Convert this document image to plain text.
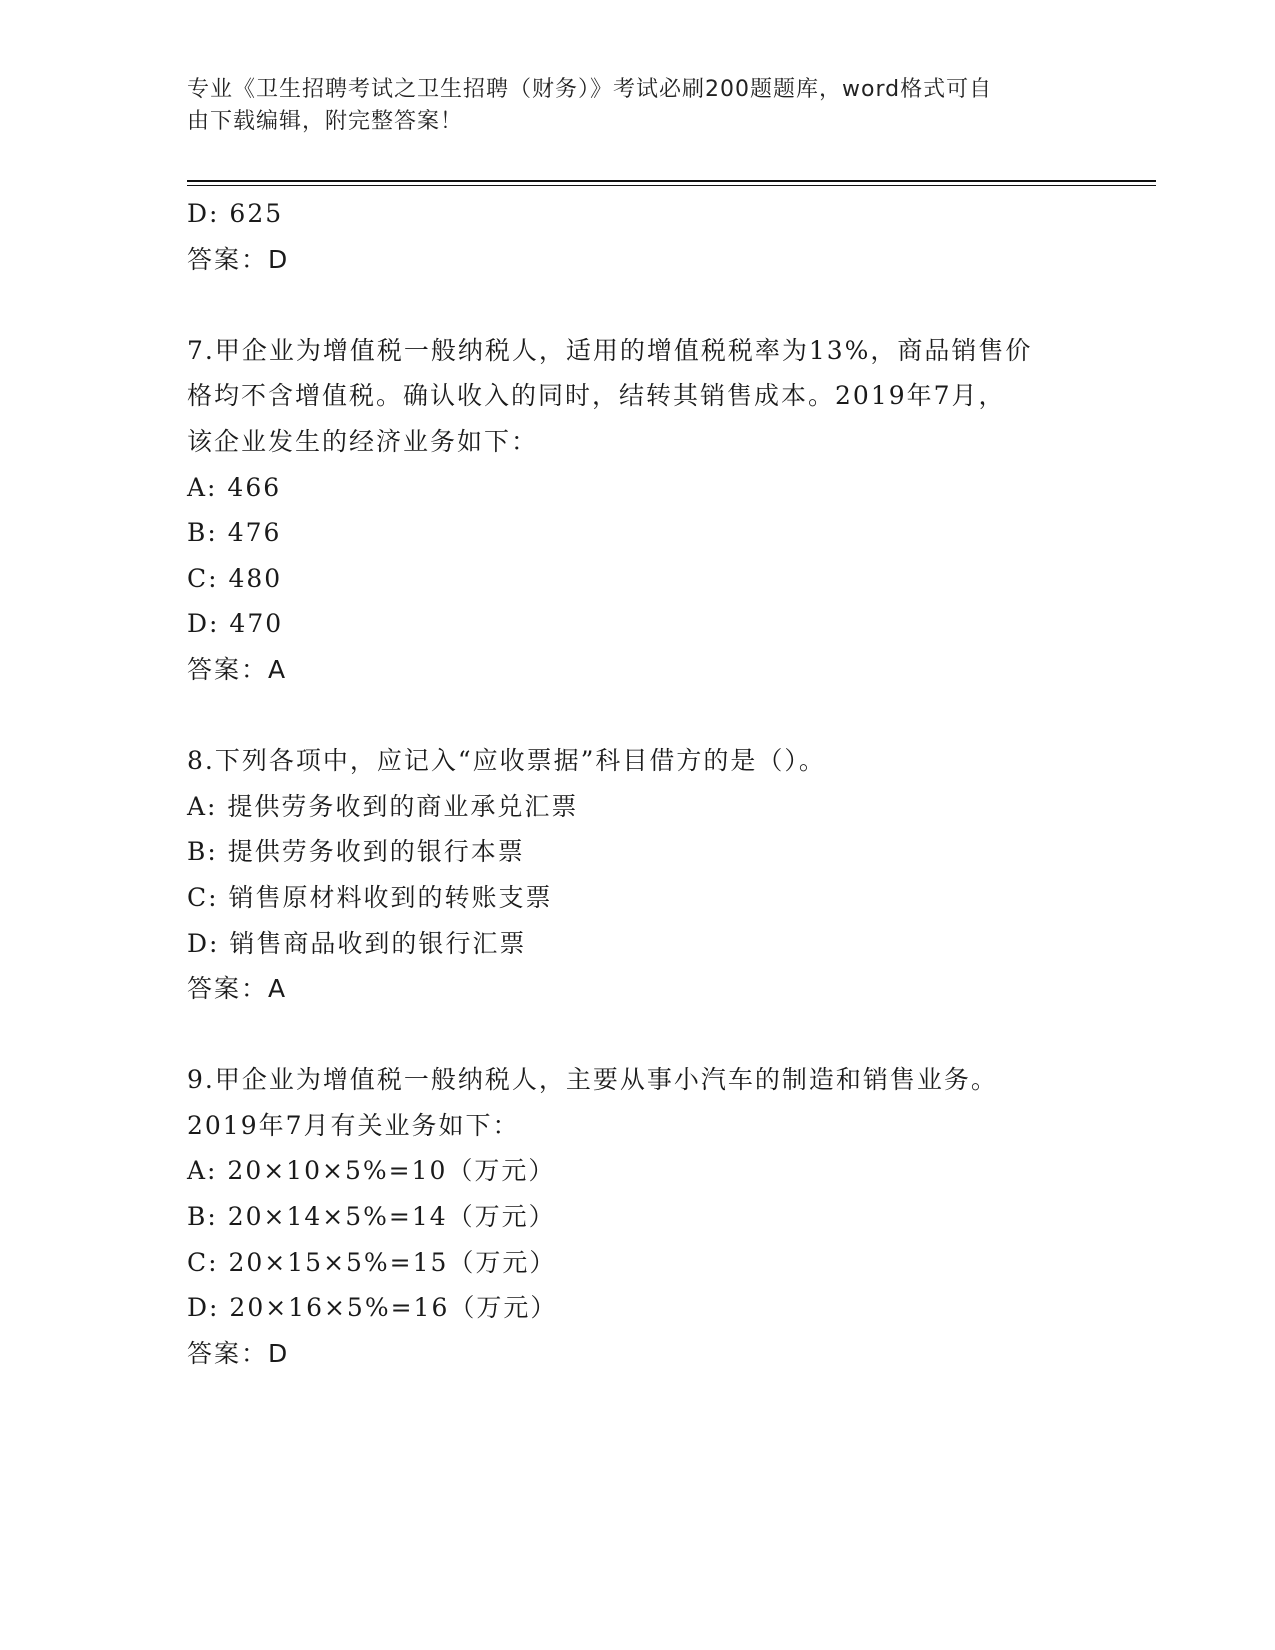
专业《卫生招聘考试之卫生招聘（财务）》考试必刷200题题库，word格式可自
由下载编辑，附完整答案！
D: 625
答案：D
7.甲企业为增值税一般纳税人，适用的增值税税率为13%，商品销售价
格均不含增值税。确认收入的同时，结转其销售成本。2019年7月，
该企业发生的经济业务如下：
A: 466
B: 476
C: 480
D: 470
答案：A
8.下列各项中，应记入“应收票据”科目借方的是（）。
A: 提供劳务收到的商业承兑汇票
B: 提供劳务收到的银行本票
C: 销售原材料收到的转账支票
D: 销售商品收到的银行汇票
答案：A
9.甲企业为增值税一般纳税人，主要从事小汽车的制造和销售业务。
2019年7月有关业务如下：
A: 20×10×5%=10（万元）
B: 20×14×5%=14（万元）
C: 20×15×5%=15（万元）
D: 20×16×5%=16（万元）
答案：D
